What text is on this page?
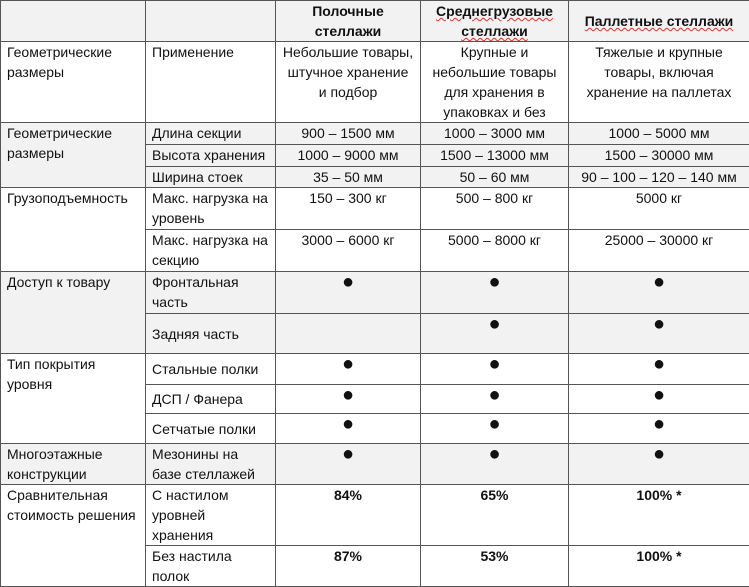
		Полочные стеллажи	Среднегрузовые стеллажи	Паллетные стеллажи
Геометрические размеры	Применение	Небольшие товары, штучное хранение и подбор	Крупные и небольшие товары для хранения в упаковках и без	Тяжелые и крупные товары, включая хранение на паллетах
Геометрические размеры	Длина секции	900 – 1500 мм	1000 – 3000 мм	1000 – 5000 мм
	Высота хранения	1000 – 9000 мм	1500 – 13000 мм	1500 – 30000 мм
	Ширина стоек	35 – 50 мм	50 – 60 мм	90 – 100 – 120 – 140 мм
Грузоподъемность	Макс. нагрузка на уровень	150 – 300 кг	500 – 800 кг	5000 кг
	Макс. нагрузка на секцию	3000 – 6000 кг	5000 – 8000 кг	25000 – 30000 кг
Доступ к товару	Фронтальная часть	●	●	●
	Задняя часть		●	●
Тип покрытия уровня	Стальные полки	●	●	●
	ДСП / Фанера	●	●	●
	Сетчатые полки	●	●	●
Многоэтажные конструкции	Мезонины на базе стеллажей	●	●	●
Сравнительная стоимость решения	С настилом уровней хранения	84%	65%	100% *
	Без настила полок	87%	53%	100% *
